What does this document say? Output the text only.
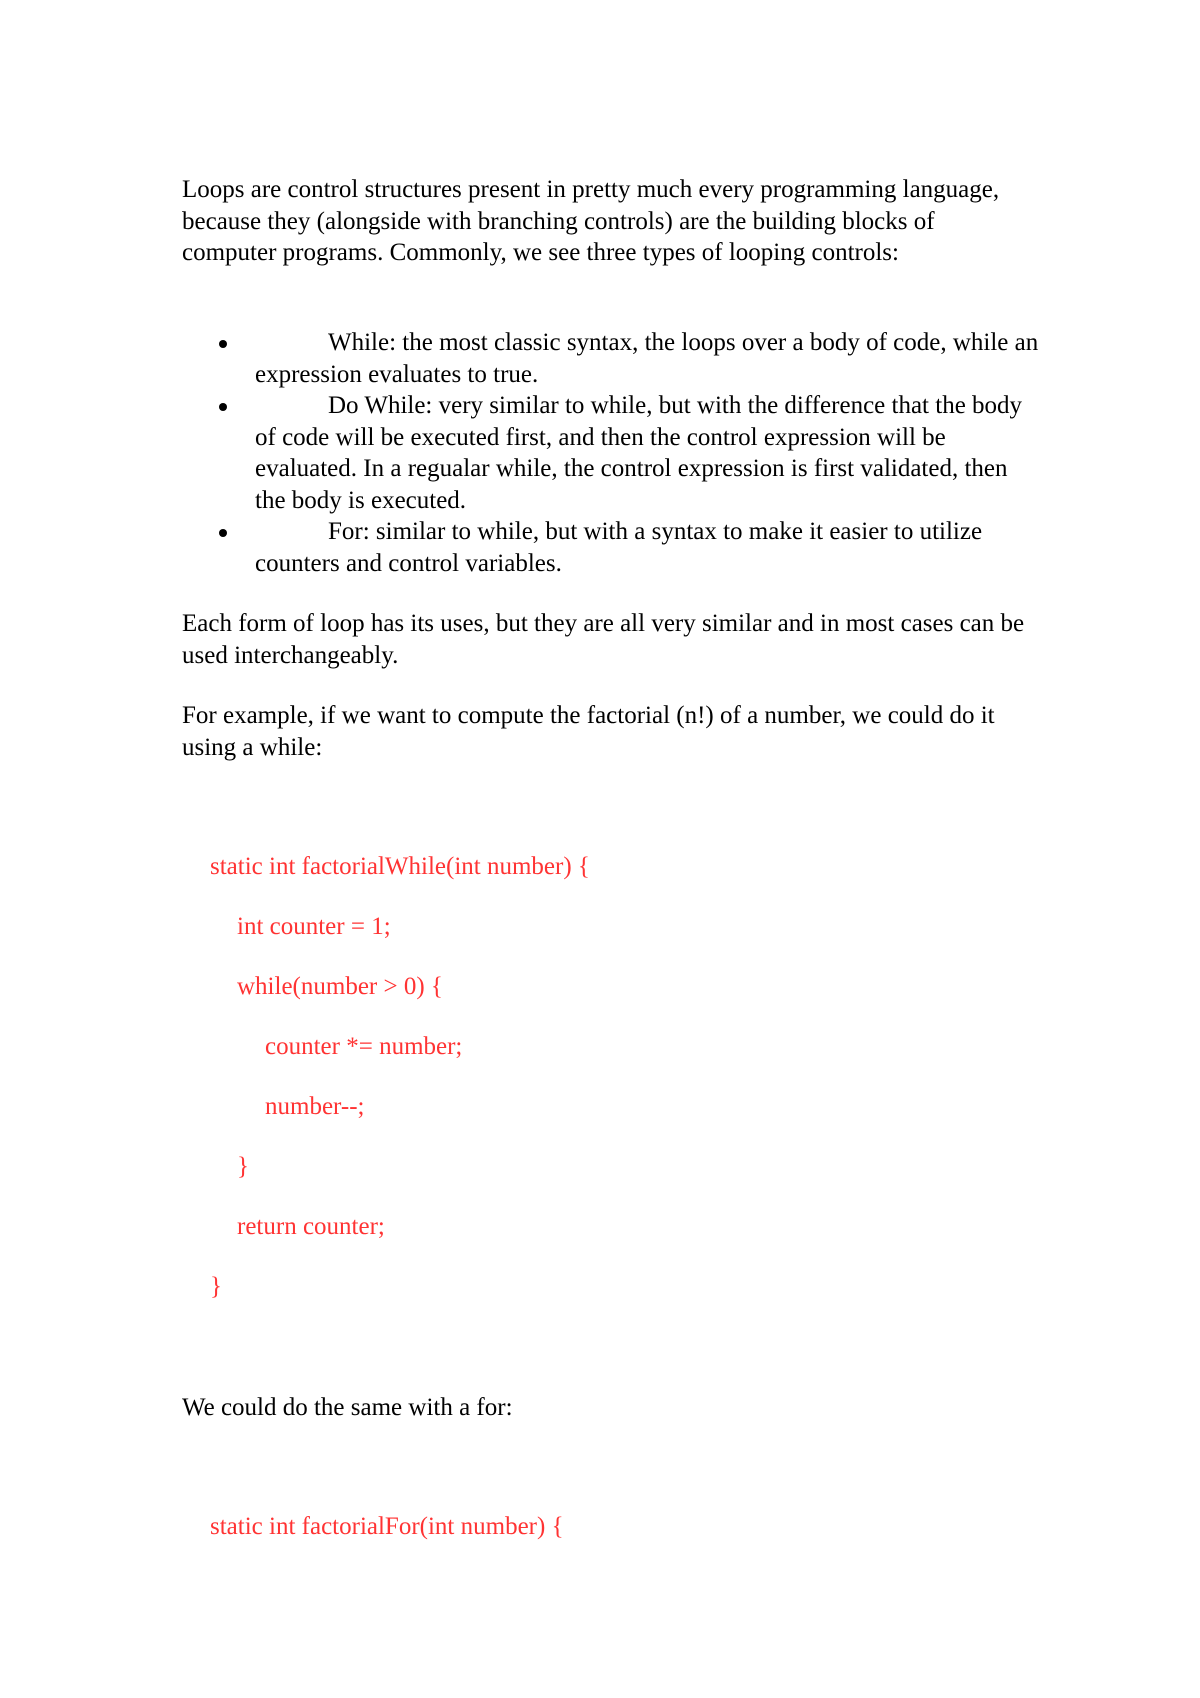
Loops are control structures present in pretty much every programming language, because they (alongside with branching controls) are the building blocks of computer programs. Commonly, we see three types of looping controls:

While: the most classic syntax, the loops over a body of code, while an expression evaluates to true.
Do While: very similar to while, but with the difference that the body of code will be executed first, and then the control expression will be evaluated. In a regualar while, the control expression is first validated, then the body is executed.
For: similar to while, but with a syntax to make it easier to utilize counters and control variables.

Each form of loop has its uses, but they are all very similar and in most cases can be used interchangeably.

For example, if we want to compute the factorial (n!) of a number, we could do it using a while:

static int factorialWhile(int number) {
int counter = 1;
while(number > 0) {
counter *= number;
number--;
}
return counter;
}

We could do the same with a for:

static int factorialFor(int number) {
